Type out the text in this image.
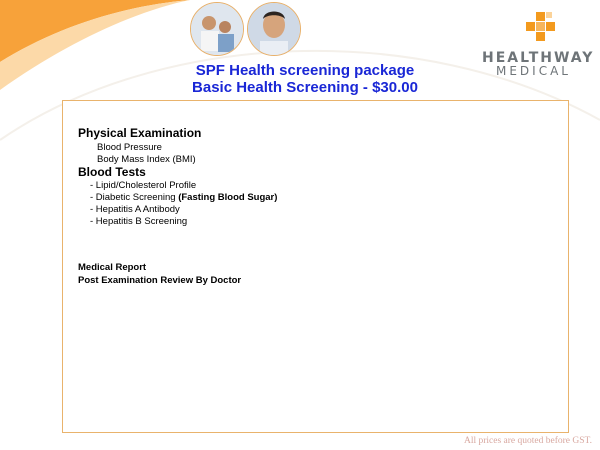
HEALTHWAY
MEDICAL
SPF Health screening package
Basic Health Screening - $30.00
Physical Examination
Blood Pressure
Body Mass Index (BMI)
Blood Tests
- Lipid/Cholesterol Profile
- Diabetic Screening (Fasting Blood Sugar)
- Hepatitis A Antibody
- Hepatitis B Screening
Medical Report
Post Examination Review By Doctor
All prices are quoted before GST.
